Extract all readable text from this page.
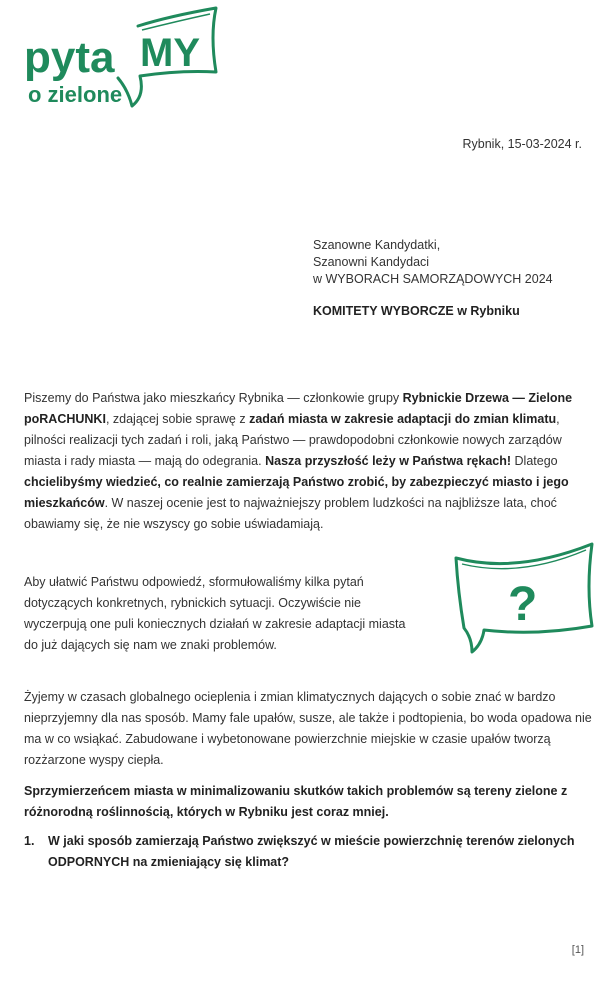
pyta MY
o zielone
Rybnik, 15-03-2024 r.
Szanowne Kandydatki,
Szanowni Kandydaci
w WYBORACH SAMORZĄDOWYCH 2024
KOMITETY WYBORCZE w Rybniku

Piszemy do Państwa jako mieszkańcy Rybnika — członkowie grupy Rybnickie Drzewa — Zielone poRACHUNKI, zdającej sobie sprawę z zadań miasta w zakresie adaptacji do zmian klimatu, pilności realizacji tych zadań i roli, jaką Państwo — prawdopodobni członkowie nowych zarządów miasta i rady miasta — mają do odegrania. Nasza przyszłość leży w Państwa rękach! Dlatego chcielibyśmy wiedzieć, co realnie zamierzają Państwo zrobić, by zabezpieczyć miasto i jego mieszkańców. W naszej ocenie jest to najważniejszy problem ludzkości na najbliższe lata, choć obawiamy się, że nie wszyscy go sobie uświadamiają.

Aby ułatwić Państwu odpowiedź, sformułowaliśmy kilka pytań dotyczących konkretnych, rybnickich sytuacji. Oczywiście nie wyczerpują one puli koniecznych działań w zakresie adaptacji miasta do już dających się nam we znaki problemów.

?

Żyjemy w czasach globalnego ocieplenia i zmian klimatycznych dających o sobie znać w bardzo nieprzyjemny dla nas sposób. Mamy fale upałów, susze, ale także i podtopienia, bo woda opadowa nie ma w co wsiąkać. Zabudowane i wybetonowane powierzchnie miejskie w czasie upałów tworzą rozżarzone wyspy ciepła.

Sprzymierzeńcem miasta w minimalizowaniu skutków takich problemów są tereny zielone z różnorodną roślinnością, których w Rybniku jest coraz mniej.

1.	W jaki sposób zamierzają Państwo zwiększyć w mieście powierzchnię terenów zielonych ODPORNYCH na zmieniający się klimat?
[1]
